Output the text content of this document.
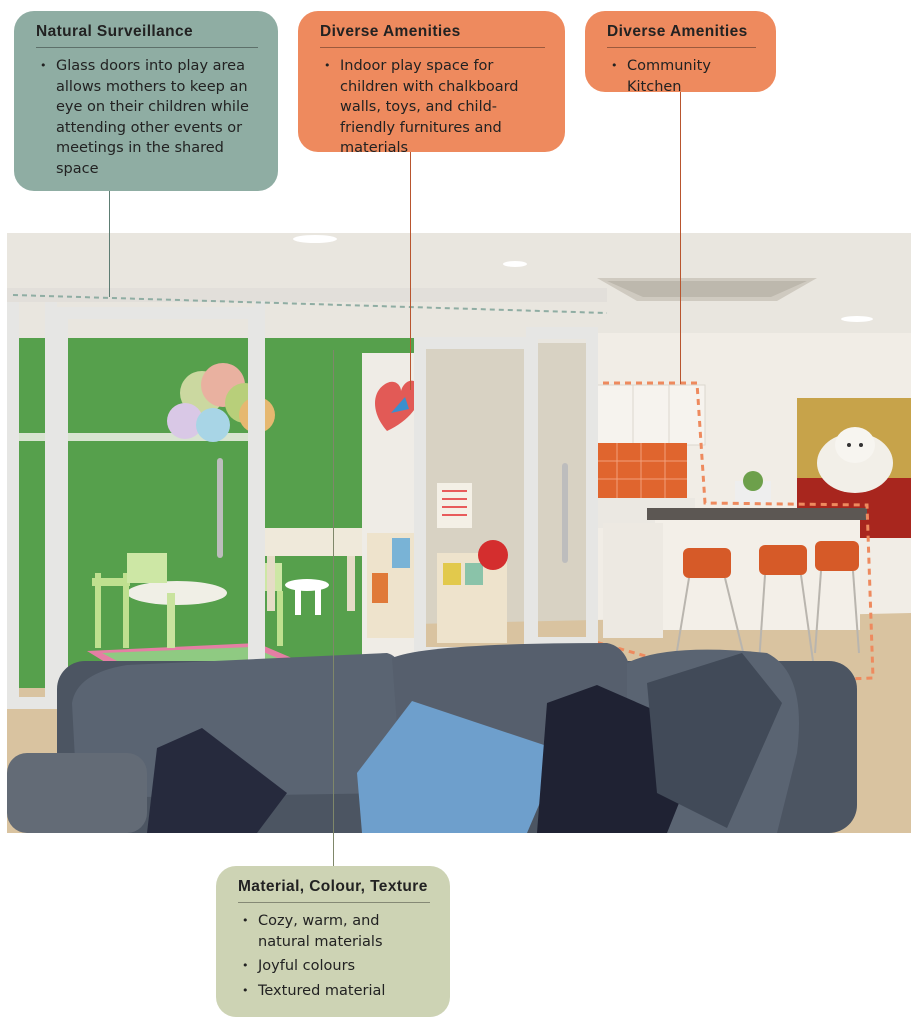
Natural Surveillance
• Glass doors into play area allows mothers to keep an eye on their children while attending other events or meetings in the shared space
Diverse Amenities
• Indoor play space for children with chalkboard walls, toys, and child-friendly furnitures and materials
Diverse Amenities
• Community Kitchen
Material, Colour, Texture
• Cozy, warm, and natural materials
• Joyful colours
• Textured material
